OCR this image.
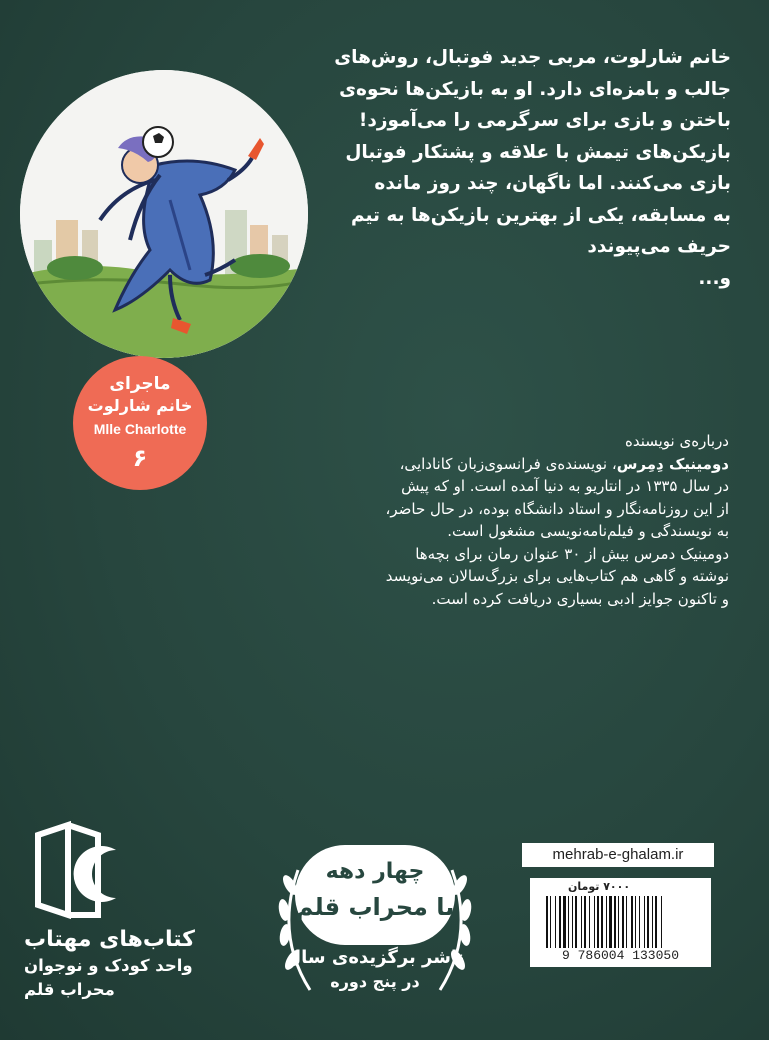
ماجرای
خانم شارلوت
Mlle Charlotte
۶
خانم شارلوت، مربی جدید فوتبال، روش‌های
جالب و بامزه‌ای دارد. او به بازیکن‌ها نحوه‌ی
باختن و بازی برای سرگرمی را می‌آموزد!
بازیکن‌های تیمش با علاقه و پشتکار فوتبال
بازی می‌کنند. اما ناگهان، چند روز مانده
به مسابقه، یکی از بهترین بازیکن‌ها به تیم
حریف می‌پیوندد
و...
درباره‌ی نویسنده
دومینیک دِمِرس، نویسنده‌ی فرانسوی‌زبان کانادایی،
در سال ۱۳۳۵ در انتاریو به دنیا آمده است. او که پیش
از این روزنامه‌نگار و استاد دانشگاه بوده، در حال حاضر،
به نویسندگی و فیلم‌نامه‌نویسی مشغول است.
دومینیک دمرس بیش از ۳۰ عنوان رمان برای بچه‌ها
نوشته و گاهی هم کتاب‌هایی برای بزرگ‌سالان می‌نویسد
و تاکنون جوایز ادبی بسیاری دریافت کرده است.
کتاب‌های مهتاب
واحد کودک و نوجوان
محراب قلم
چهار دهه
با محراب قلم
ناشر برگزیده‌ی سال
در پنج دوره
mehrab-e-ghalam.ir
۷۰۰۰ تومان
9 786004 133050
